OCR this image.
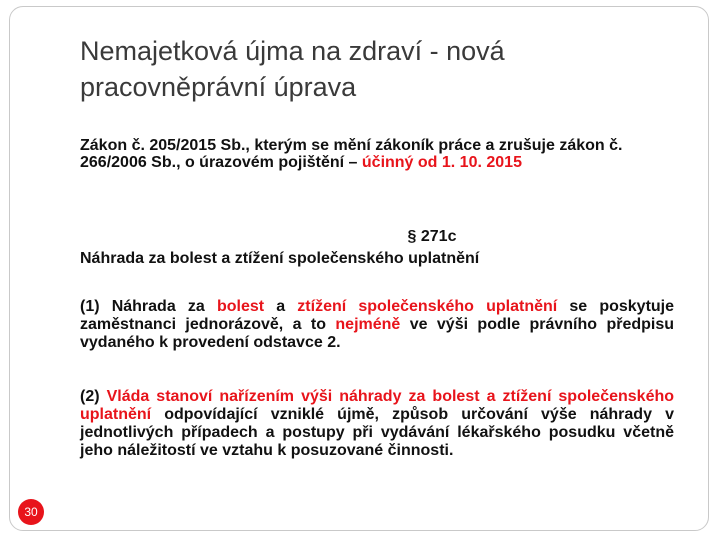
Nemajetková újma na zdraví - nová
pracovněprávní úprava
Zákon č. 205/2015 Sb., kterým se mění zákoník práce a zrušuje zákon č. 266/2006 Sb., o úrazovém pojištění – účinný od 1. 10. 2015
§ 271c
Náhrada za bolest a ztížení společenského uplatnění
(1) Náhrada za bolest a ztížení společenského uplatnění se poskytuje zaměstnanci jednorázově, a to nejméně ve výši podle právního předpisu vydaného k provedení odstavce 2.
(2) Vláda stanoví nařízením výši náhrady za bolest a ztížení společenského uplatnění odpovídající vzniklé újmě, způsob určování výše náhrady v jednotlivých případech a postupy při vydávání lékařského posudku včetně jeho náležitostí ve vztahu k posuzované činnosti.
30
